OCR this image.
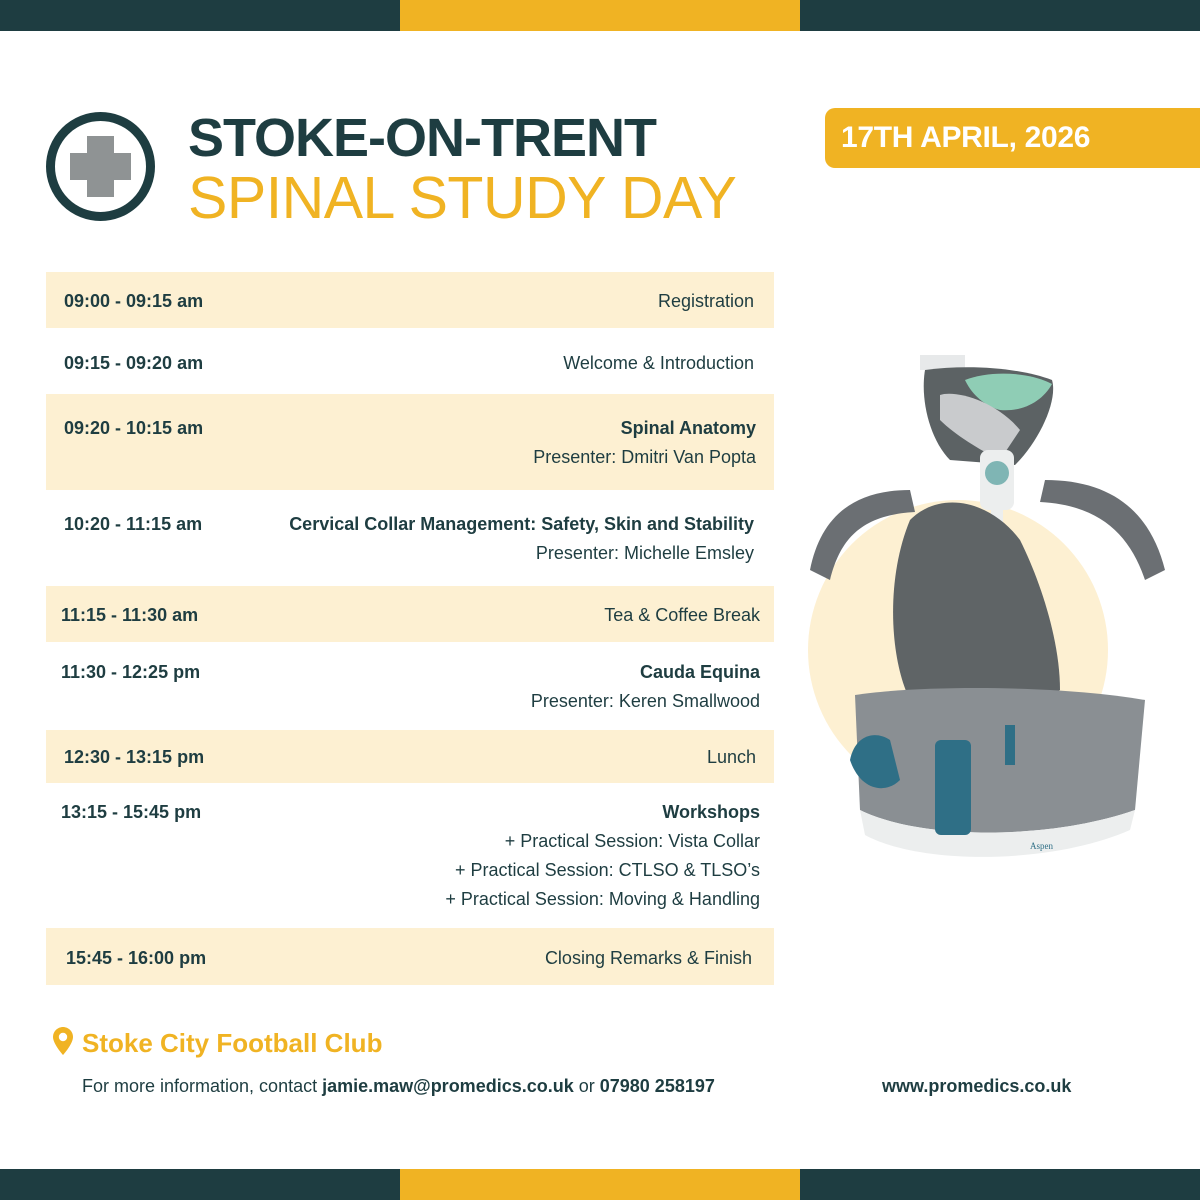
STOKE-ON-TRENT
SPINAL STUDY DAY
17TH APRIL, 2026
09:00 - 09:15 am	Registration
09:15 - 09:20 am	Welcome & Introduction
09:20 - 10:15 am	Spinal Anatomy
Presenter: Dmitri Van Popta
10:20 - 11:15 am	Cervical Collar Management: Safety, Skin and Stability
Presenter: Michelle Emsley
11:15 - 11:30 am	Tea & Coffee Break
11:30 - 12:25 pm	Cauda Equina
Presenter: Keren Smallwood
12:30 - 13:15 pm	Lunch
13:15 - 15:45 pm	Workshops
+ Practical Session: Vista Collar
+ Practical Session: CTLSO & TLSO’s
+ Practical Session: Moving & Handling
15:45 - 16:00 pm	Closing Remarks & Finish
Aspen
Stoke City Football Club
For more information, contact jamie.maw@promedics.co.uk or 07980 258197	www.promedics.co.uk
